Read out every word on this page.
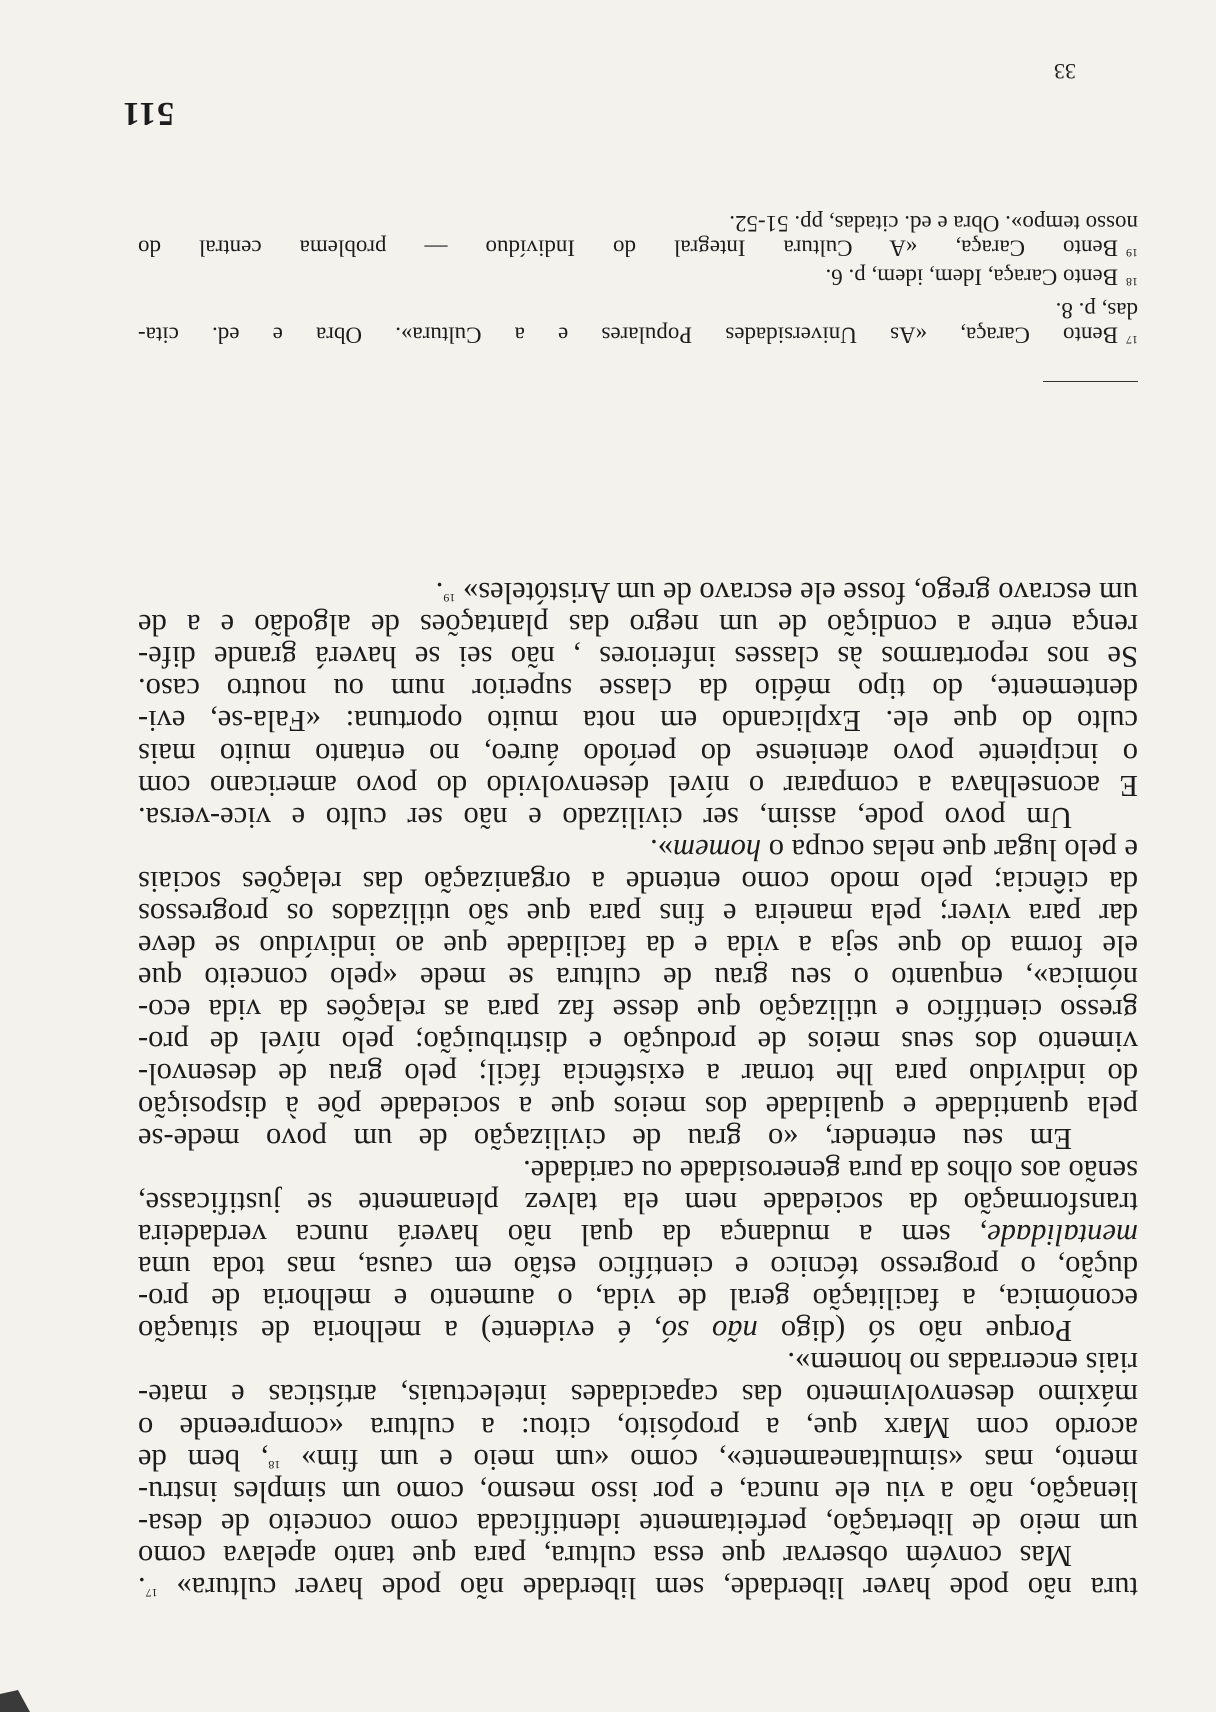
tura não pode haver liberdade, sem liberdade não pode haver cultura» $^{17}$.
Mas convém observar que essa cultura, para que tanto apelava como
um meio de libertação, perfeitamente identificada como conceito de desa-
lienação, não a viu ele nunca, e por isso mesmo, como um simples instru-
mento, mas «simultaneamente», como «um meio e um fim» $^{18}$, bem de
acordo com Marx que, a propósito, citou: a cultura «compreende o
máximo desenvolvimento das capacidades intelectuais, artísticas e mate-
riais encerradas no homem».
Porque não só (digo não só, é evidente) a melhoria de situação
económica, a facilitação geral de vida, o aumento e melhoria de pro-
dução, o progresso técnico e científico estão em causa, mas toda uma
mentalidade, sem a mudança da qual não haverá nunca verdadeira
transformação da sociedade nem ela talvez plenamente se justificasse,
senão aos olhos da pura generosidade ou caridade.
Em seu entender, «o grau de civilização de um povo mede-se
pela quantidade e qualidade dos meios que a sociedade põe à disposição
do indivíduo para lhe tornar a existência fácil; pelo grau de desenvol-
vimento dos seus meios de produção e distribuição; pelo nível de pro-
gresso científico e utilização que desse faz para as relações da vida eco-
nómica», enquanto o seu grau de cultura se mede «pelo conceito que
ele forma do que seja a vida e da facilidade que ao indivíduo se deve
dar para viver; pela maneira e fins para que são utilizados os progressos
da ciência; pelo modo como entende a organização das relações sociais
e pelo lugar que nelas ocupa o homem».
Um povo pode, assim, ser civilizado e não ser culto e vice-versa.
E aconselhava a comparar o nível desenvolvido do povo americano com
o incipiente povo ateniense do período áureo, no entanto muito mais
culto do que ele. Explicando em nota muito oportuna: «Fala-se, evi-
dentemente, do tipo médio da classe superior num ou noutro caso.
Se nos reportarmos às classes inferiores , não sei se haverá grande dife-
rença entre a condição de um negro das plantações de algodão e a de
um escravo grego, fosse ele escravo de um Aristóteles» $^{19}$.
$^{17}$Bento Caraça, «As Universidades Populares e a Cultura». Obra e ed. cita-
das, p. 8.
$^{18}$Bento Caraça, Idem, idem, p. 6.
$^{19}$Bento Caraça, «A Cultura Integral do Indivíduo — problema central do
nosso tempo». Obra e ed. citadas, pp. 51-52.
511
33
